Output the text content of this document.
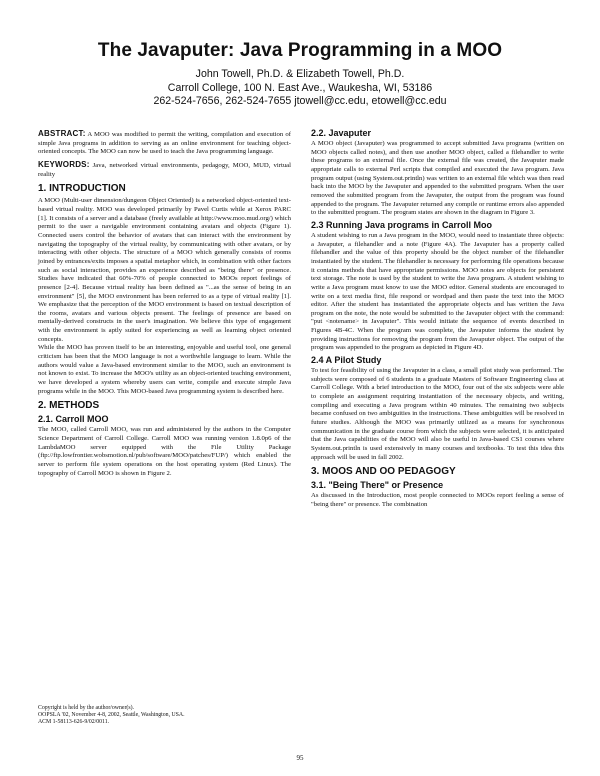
The Javaputer: Java Programming in a MOO
John Towell, Ph.D. & Elizabeth Towell, Ph.D.
Carroll College, 100 N. East Ave., Waukesha, WI, 53186
262-524-7656, 262-524-7655 jtowell@cc.edu, etowell@cc.edu
ABSTRACT: A MOO was modified to permit the writing, compilation and execution of simple Java programs in addition to serving as an online environment for teaching object-oriented concepts. The MOO can now be used to teach the Java programming language.
KEYWORDS: Java, networked virtual environments, pedagogy, MOO, MUD, virtual reality
1. INTRODUCTION

A MOO (Multi-user dimension/dungeon Object Oriented) is a networked object-oriented text-based virtual reality. MOO was developed primarily by Pavel Curtis while at Xerox PARC [1]. It consists of a server and a database (freely available at http://www.moo.mud.org/) which permit to the user a navigable environment containing avatars and objects (Figure 1). Connected users control the behavior of avatars that can interact with the environment by navigating the topography of the virtual reality, by communicating with other avatars, or by interacting with other objects. The structure of a MOO which generally consists of rooms joined by entrances/exits imposes a spatial metaphor which, in combination with other factors such as social interaction, provides an experience described as "being there" or presence. Studies have indicated that 60%-70% of people connected to MOOs report feelings of presence [2-4]. Because virtual reality has been defined as "...as the sense of being in an environment" [5], the MOO environment has been referred to as a type of virtual reality [1]. We emphasize that the perception of the MOO environment is based on textual description of the rooms, avatars and various objects present. The feelings of presence are based on mentally-derived constructs in the user's imagination. We believe this type of engagement with the environment is aptly suited for experiencing as well as learning object oriented concepts.

While the MOO has proven itself to be an interesting, enjoyable and useful tool, one general criticism has been that the MOO language is not a worthwhile language to learn. While the authors would value a Java-based environment similar to the MOO, such an environment is not known to exist. To increase the MOO's utility as an object-oriented teaching environment, we have developed a system whereby users can write, compile and execute simple Java programs while in the MOO. This MOO-based Java programming system is described here.

2. METHODS
2.1. Carroll MOO

The MOO, called Carroll MOO, was run and administered by the authors in the Computer Science Department of Carroll College. Carroll MOO was running version 1.8.0p6 of the LambdaMOO server equipped with the File Utility Package (ftp://ftp.lowfrontier.wobsmotion.nl/pub/software/MOO/patches/FUP/) which enabled the server to perform file system operations on the host operating system (Red Linux). The topography of Carroll MOO is shown in Figure 2.

2.2. Javaputer

A MOO object (Javaputer) was programmed to accept submitted Java programs (written on MOO objects called notes), and then use another MOO object, called a filehandler to write these programs to an external file. Once the external file was created, the Javaputer made appropriate calls to external Perl scripts that compiled and executed the Java program. Java program output (using System.out.println) was written to an external file which was then read back into the MOO by the Javaputer and appended to the submitted program. When the user removed the submitted program from the Javaputer, the output from the program was found appended to the program. The Javaputer returned any compile or runtime errors also appended to the submitted program. The program states are shown in the diagram in Figure 3.

2.3 Running Java programs in Carroll Moo

A student wishing to run a Java program in the MOO, would need to instantiate three objects: a Javaputer, a filehandler and a note (Figure 4A). The Javaputer has a property called filehandler and the value of this property should be the object number of the filehandler instantiated by the student. The filehandler is necessary for performing file operations because it contains methods that have appropriate permissions. MOO notes are objects for persistent text storage. The note is used by the student to write the Java program. A student wishing to write a Java program must know to use the MOO editor. General students are encouraged to write on a text media first, file respond or wordpad and then paste the text into the MOO editor. After the student has instantiated the appropriate objects and has written the Java program on the note, the note would be submitted to the Javaputer object with the command: "put <notename> in Javaputer". This would initiate the sequence of events described in Figures 4B-4C. When the program was complete, the Javaputer informs the student by providing instructions for removing the program from the Javaputer object. The output of the program was appended to the program as depicted in Figure 4D.

2.4 A Pilot Study

To test for feasibility of using the Javaputer in a class, a small pilot study was performed. The subjects were composed of 6 students in a graduate Masters of Software Engineering class at Carroll College. With a brief introduction to the MOO, four out of the six subjects were able to complete an assignment requiring instantiation of the necessary objects, and writing, compiling and executing a Java program within 40 minutes. The remaining two subjects became confused on two ambiguities in the instructions. These ambiguities will be resolved in future studies. Although the MOO was primarily utilized as a means for synchronous communication in the graduate course from which the subjects were selected, it is anticipated that the Java capabilities of the MOO will also be useful in Java-based CS1 courses where System.out.println is used extensively in many courses and textbooks. To test this idea this approach will be used in fall 2002.

3. MOOS AND OO PEDAGOGY
3.1. "Being There" or Presence

As discussed in the Introduction, most people connected to MOOs report feeling a sense of "being there" or presence. The combination

Copyright is held by the author/owner(s).
OOPSLA '02, November 4-8, 2002, Seattle, Washington, USA.
ACM 1-58113-626-9/02/0011.
95
